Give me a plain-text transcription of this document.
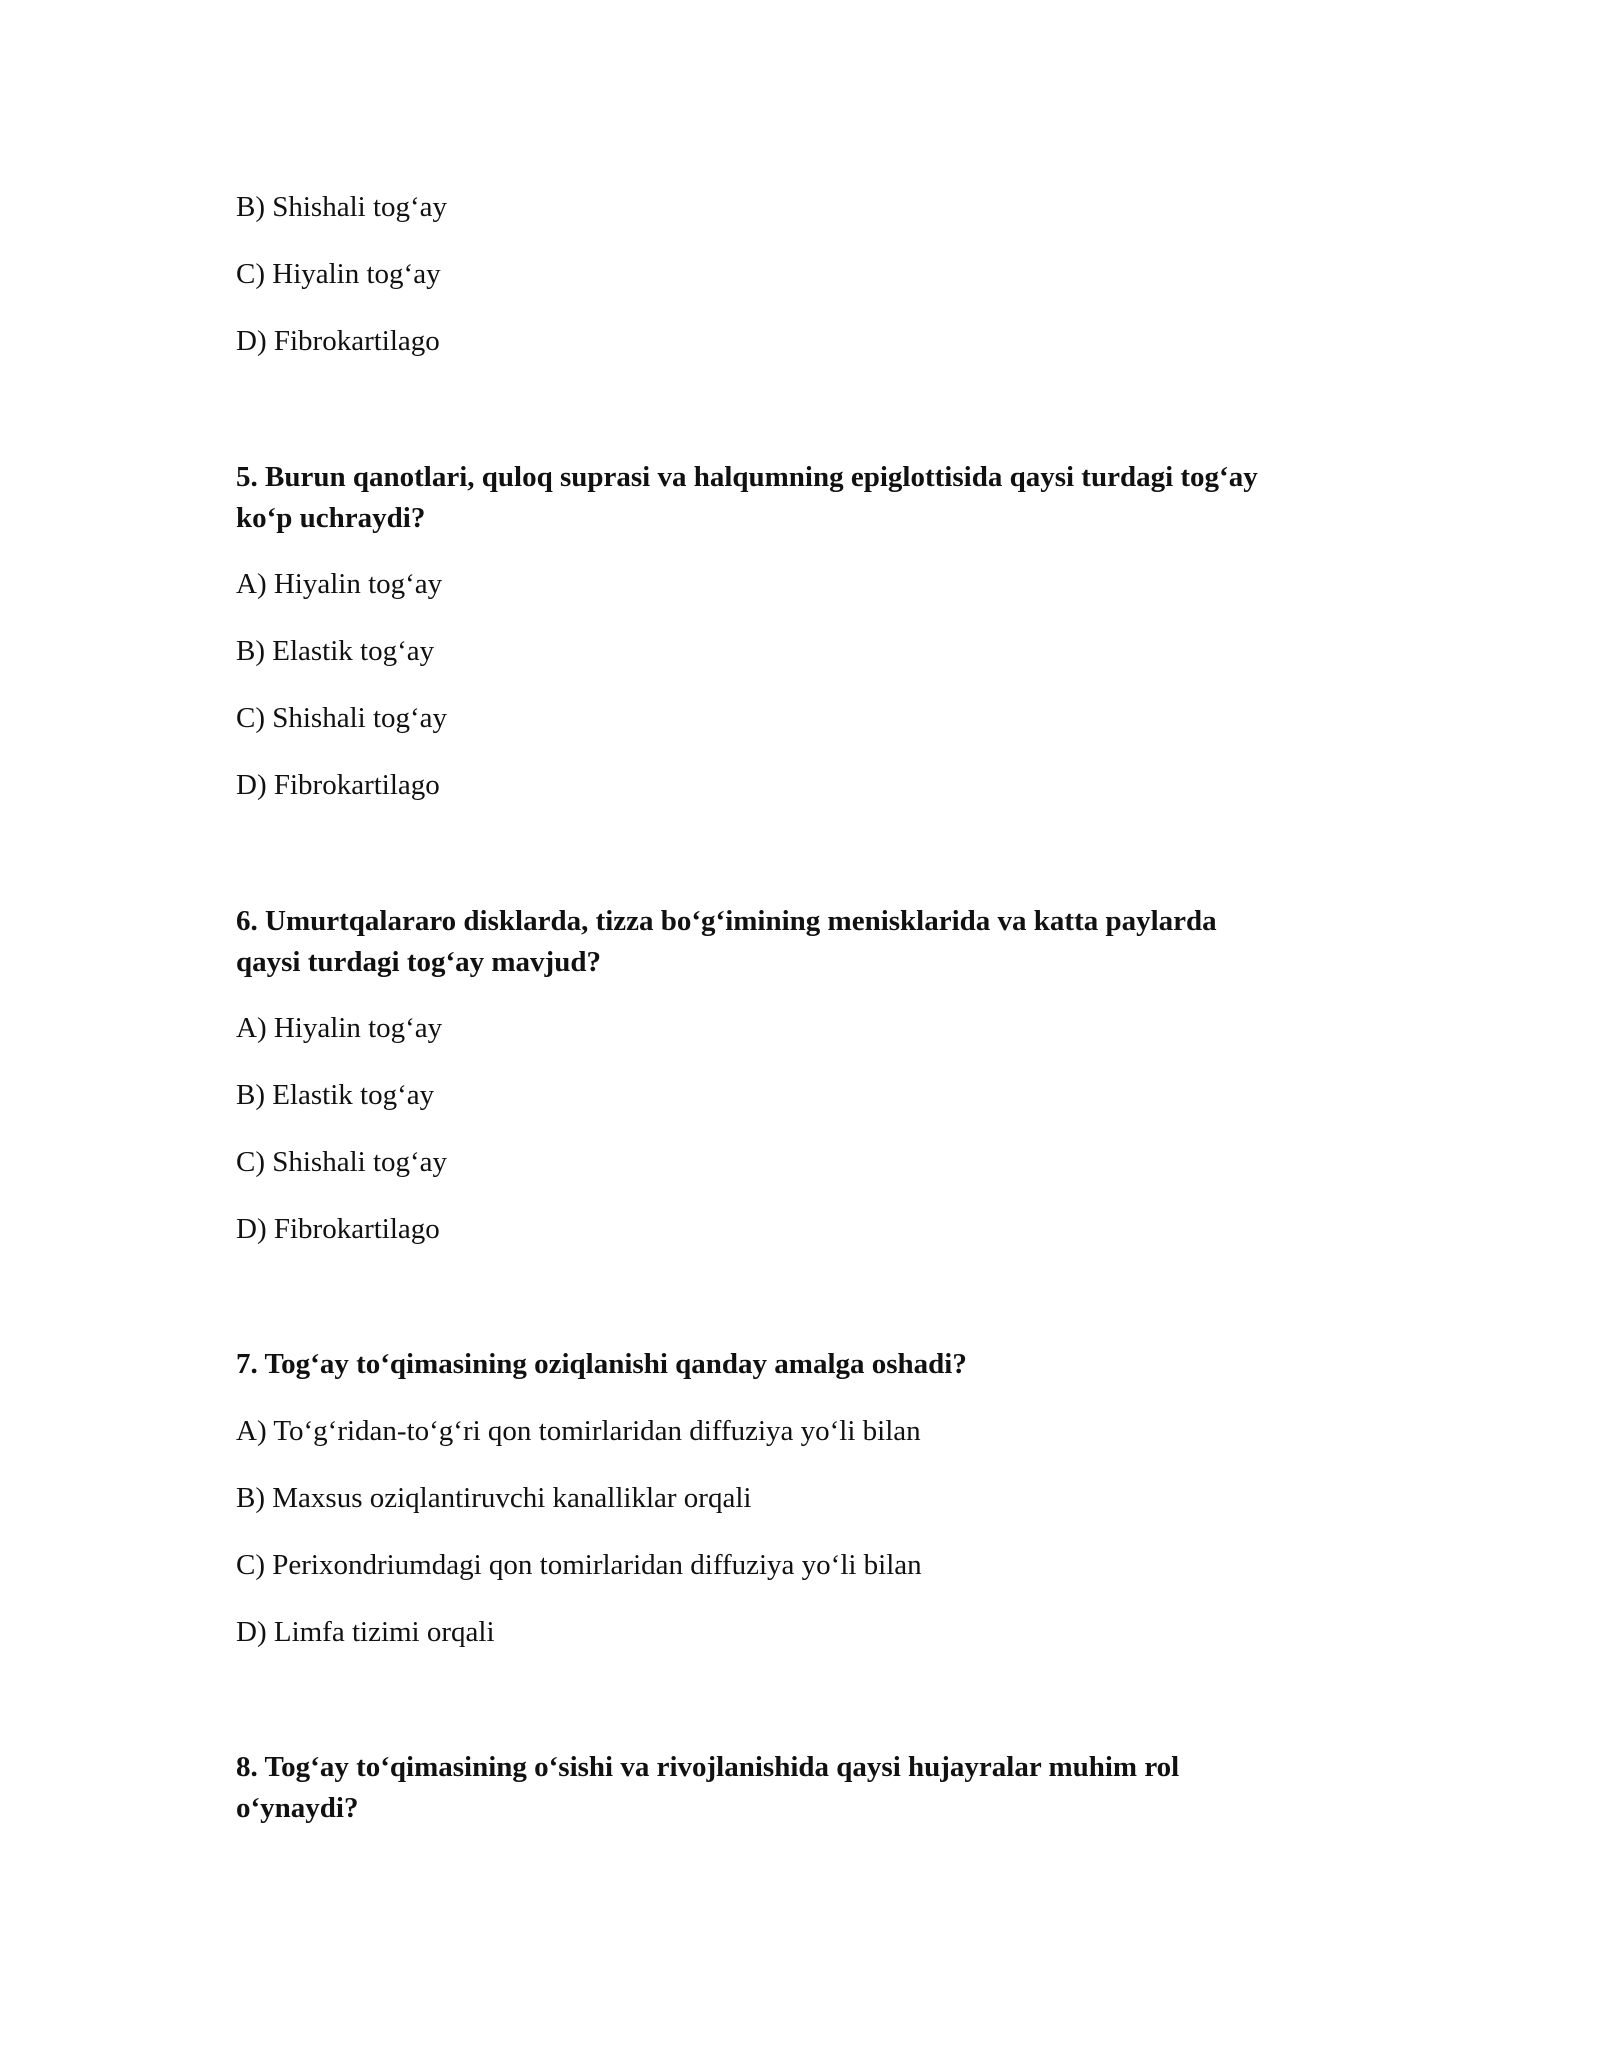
B) Shishali tog‘ay
C) Hiyalin tog‘ay
D) Fibrokartilago
5. Burun qanotlari, quloq suprasi va halqumning epiglottisida qaysi turdagi tog‘ay
ko‘p uchraydi?
A) Hiyalin tog‘ay
B) Elastik tog‘ay
C) Shishali tog‘ay
D) Fibrokartilago
6. Umurtqalararo disklarda, tizza bo‘g‘imining menisklarida va katta paylarda
qaysi turdagi tog‘ay mavjud?
A) Hiyalin tog‘ay
B) Elastik tog‘ay
C) Shishali tog‘ay
D) Fibrokartilago
7. Tog‘ay to‘qimasining oziqlanishi qanday amalga oshadi?
A) To‘g‘ridan-to‘g‘ri qon tomirlaridan diffuziya yo‘li bilan
B) Maxsus oziqlantiruvchi kanalliklar orqali
C) Perixondriumdagi qon tomirlaridan diffuziya yo‘li bilan
D) Limfa tizimi orqali
8. Tog‘ay to‘qimasining o‘sishi va rivojlanishida qaysi hujayralar muhim rol
o‘ynaydi?
